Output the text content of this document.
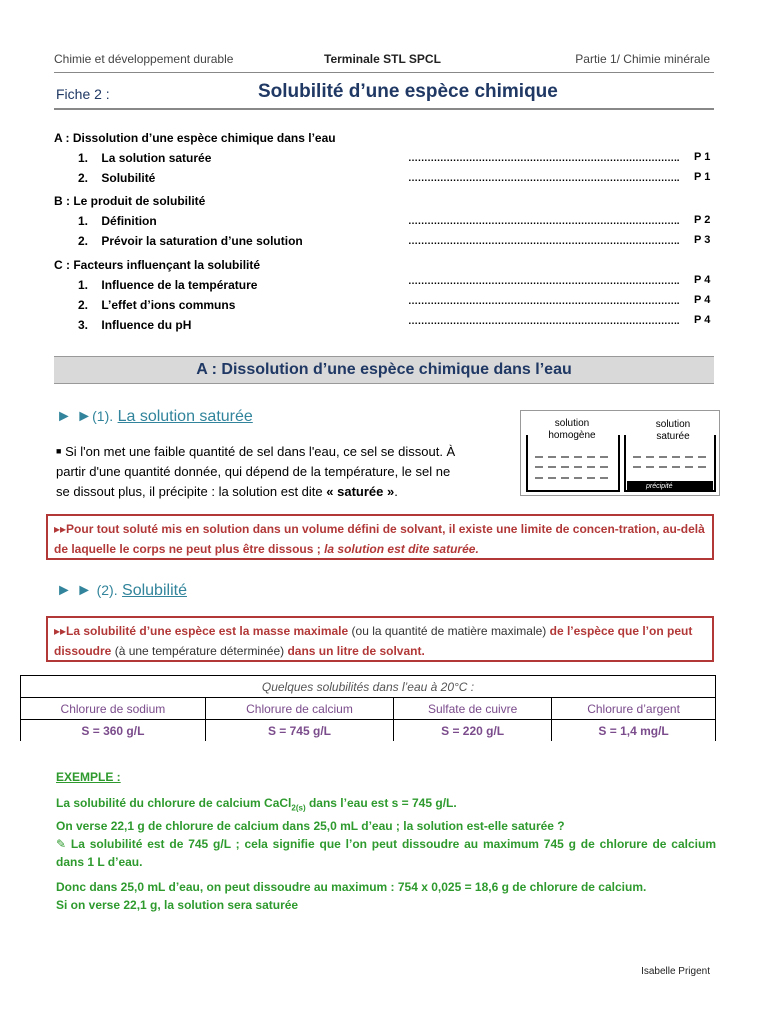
Chimie et développement durable	Terminale STL SPCL	Partie 1/ Chimie minérale
Fiche 2 :	Solubilité d’une espèce chimique
A : Dissolution d’une espèce chimique dans l’eau
1. La solution saturée	…………………………………………………………………………. P 1
2. Solubilité	…………………………………………………………………………. P 1
B : Le produit de solubilité
1. Définition	…………………………………………………………………………. P 2
2. Prévoir la saturation d’une solution	…………………………………………………………………………. P 3
C : Facteurs influençant la solubilité
1. Influence de la température	…………………………………………………………………………. P 4
2. L’effet d’ions communs	…………………………………………………………………………. P 4
3. Influence du pH	…………………………………………………………………………. P 4
A : Dissolution d’une espèce chimique dans l’eau
► ►(1). La solution saturée
■ Si l'on met une faible quantité de sel dans l'eau, ce sel se dissout. À partir d'une quantité donnée, qui dépend de la température, le sel ne se dissout plus, il précipite : la solution est dite « saturée ».
solution
homogène
solution
saturée
précipité
▸▸Pour tout soluté mis en solution dans un volume défini de solvant, il existe une limite de concen-tration, au-delà de laquelle le corps ne peut plus être dissous ; la solution est dite saturée.
► ► (2). Solubilité
▸▸La solubilité d’une espèce est la masse maximale (ou la quantité de matière maximale) de l’espèce que l’on peut dissoudre (à une température déterminée) dans un litre de solvant.
Quelques solubilités dans l’eau à 20°C :			
Chlorure de sodium	Chlorure de calcium	Sulfate de cuivre	Chlorure d’argent
S = 360 g/L	S = 745 g/L	S = 220 g/L	S = 1,4 mg/L
EXEMPLE :
La solubilité du chlorure de calcium CaCl$_{2(s)}$ dans l’eau est s = 745 g/L.
On verse 22,1 g de chlorure de calcium dans 25,0 mL d’eau ; la solution est-elle saturée ?
✎ La solubilité est de 745 g/L ; cela signifie que l’on peut dissoudre au maximum 745 g de chlorure de calcium dans 1 L d’eau.
Donc dans 25,0 mL d’eau, on peut dissoudre au maximum : 754 x 0,025 = 18,6 g de chlorure de calcium.
Si on verse 22,1 g, la solution sera saturée
Isabelle Prigent
